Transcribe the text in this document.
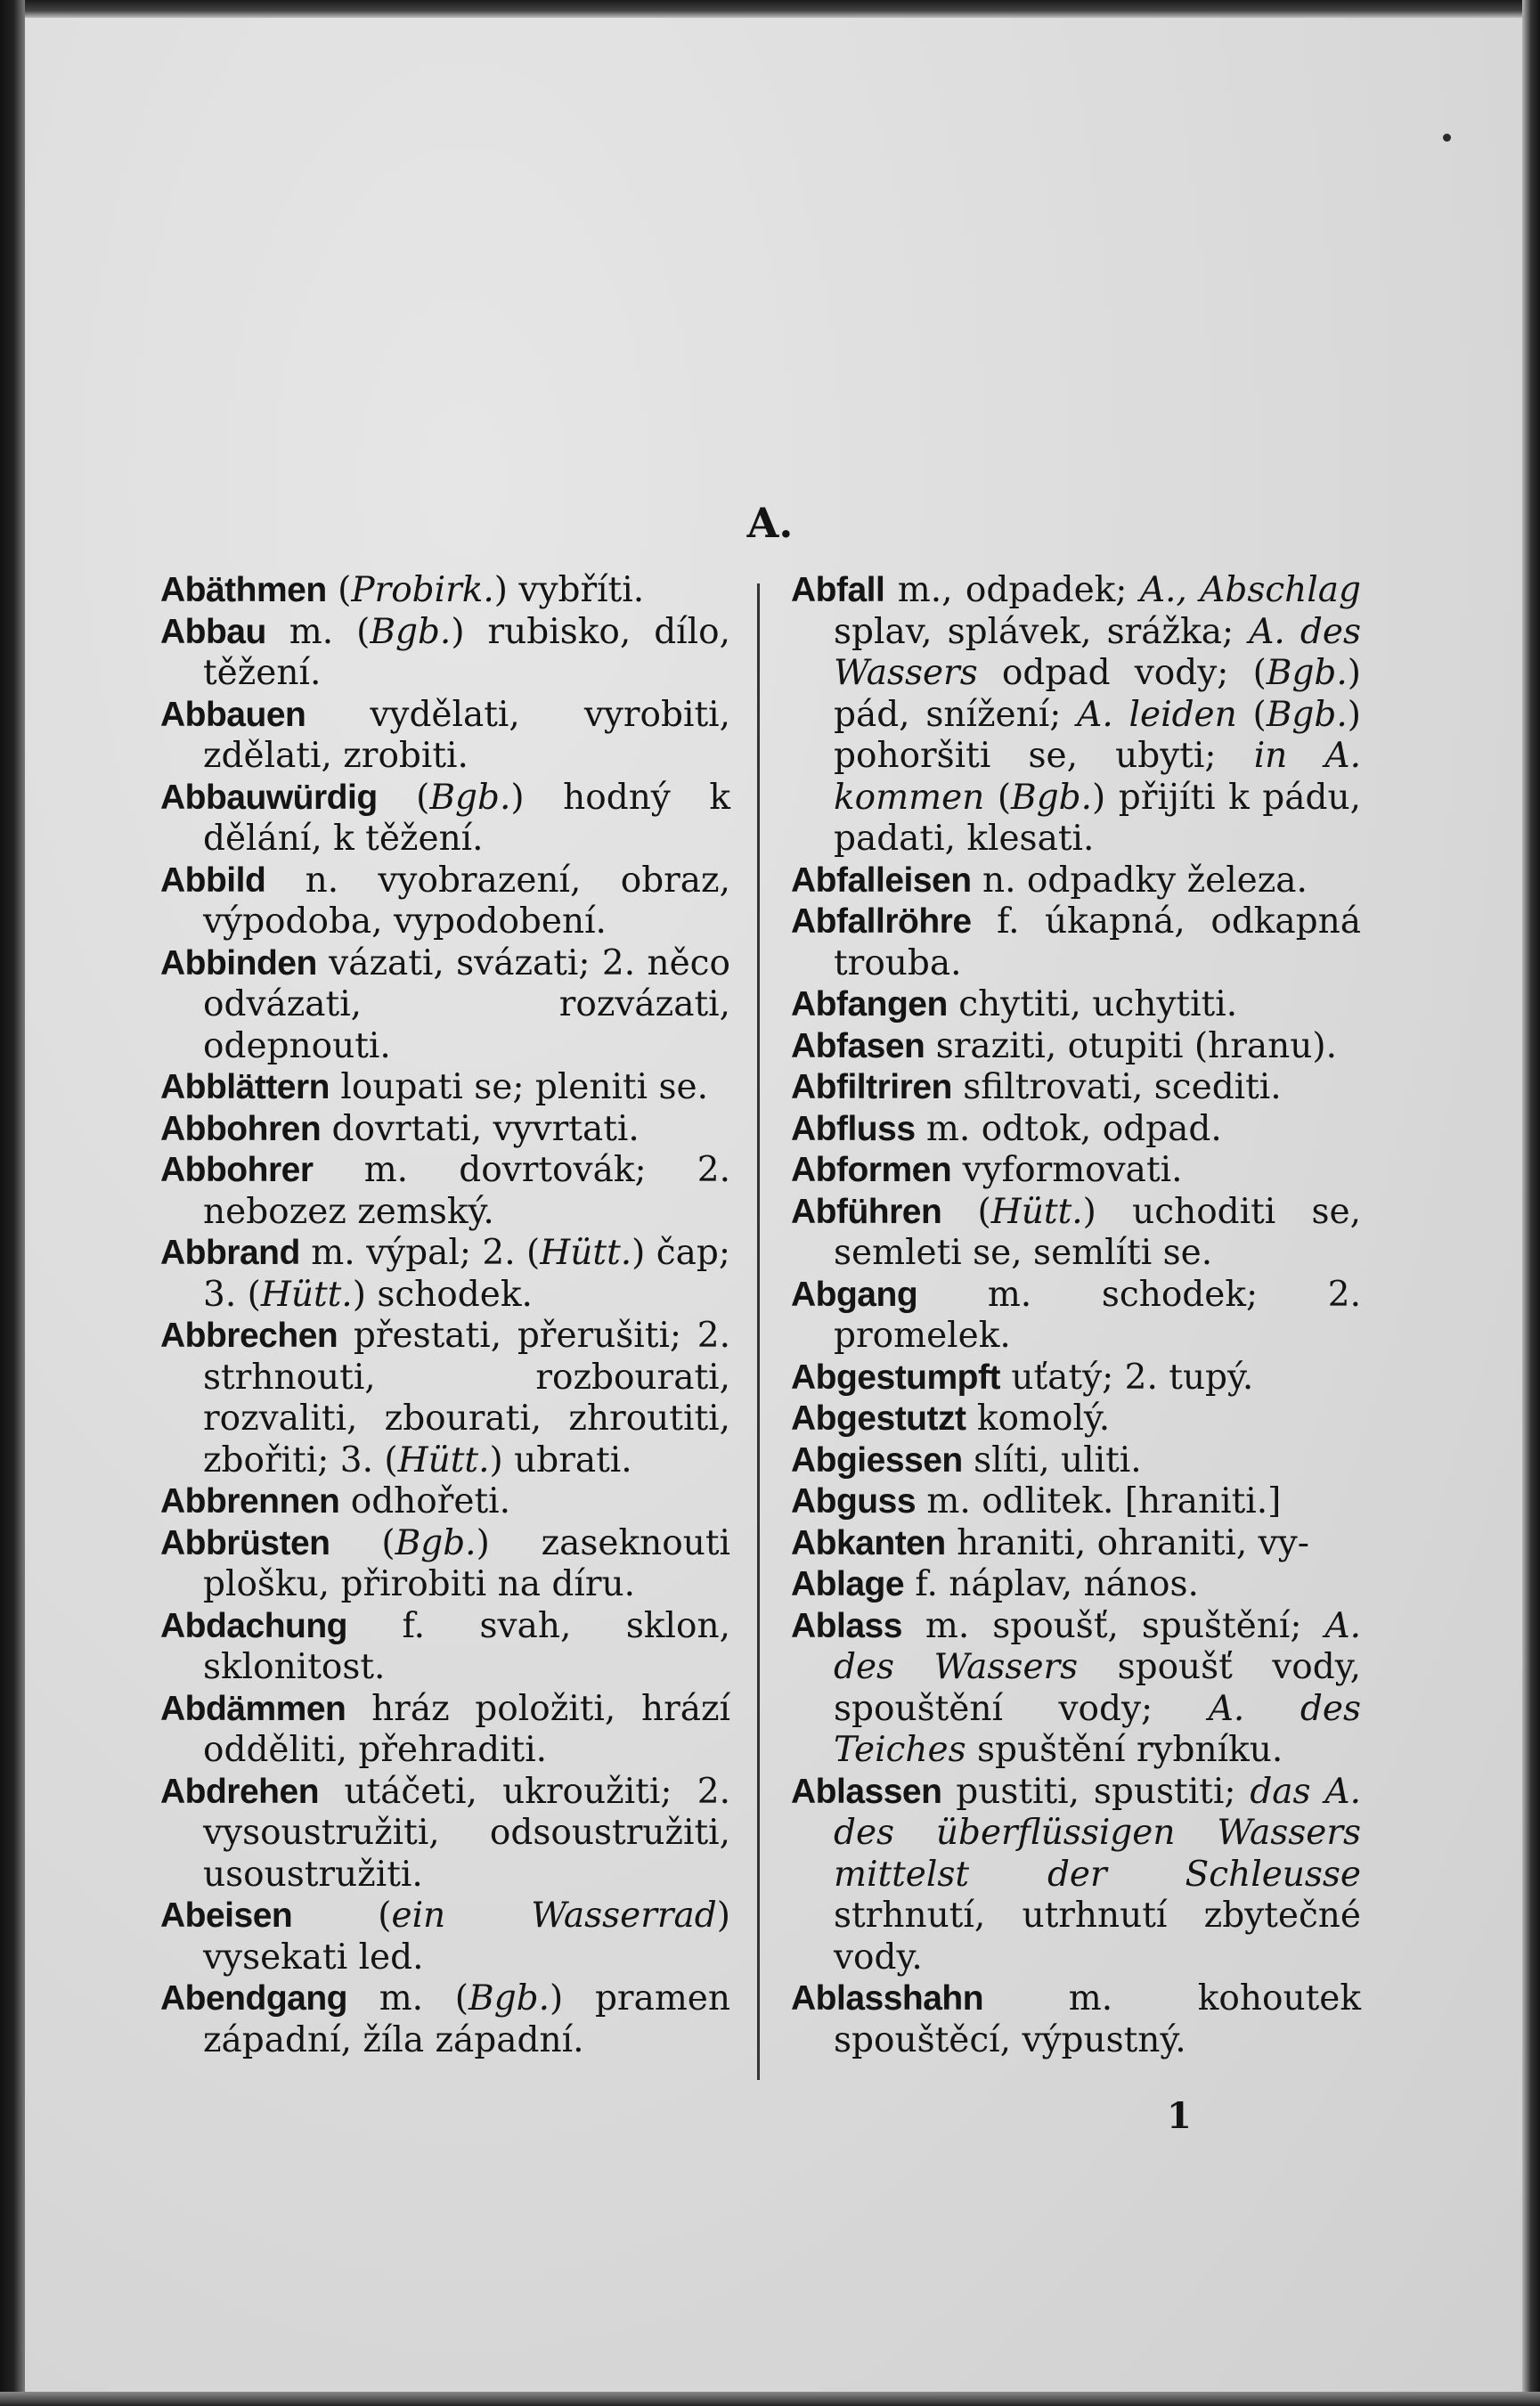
A.

Abäthmen (Probirk.) vybříti.

Abbau m. (Bgb.) rubisko, dílo, těžení.

Abbauen vydělati, vyrobiti, zdělati, zrobiti.

Abbauwürdig (Bgb.) hodný k dělání, k těžení.

Abbild n. vyobrazení, obraz, výpodoba, vypodobení.

Abbinden vázati, svázati; 2. něco odvázati, rozvázati, odepnouti.

Abblättern loupati se; pleniti se.

Abbohren dovrtati, vyvrtati.

Abbohrer m. dovrtovák; 2. nebozez zemský.

Abbrand m. výpal; 2. (Hütt.) čap; 3. (Hütt.) schodek.

Abbrechen přestati, přerušiti; 2. strhnouti, rozbourati, rozvaliti, zbourati, zhroutiti, zbořiti; 3. (Hütt.) ubrati.

Abbrennen odhořeti.

Abbrüsten (Bgb.) zaseknouti plošku, přirobiti na díru.

Abdachung f. svah, sklon, sklonitost.

Abdämmen hráz položiti, hrází odděliti, přehraditi.

Abdrehen utáčeti, ukroužiti; 2. vysoustružiti, odsoustružiti, usoustružiti.

Abeisen (ein Wasserrad) vysekati led.

Abendgang m. (Bgb.) pramen západní, žíla západní.

Abfall m., odpadek; A., Abschlag splav, splávek, srážka; A. des Wassers odpad vody; (Bgb.) pád, snížení; A. leiden (Bgb.) pohoršiti se, ubyti; in A. kommen (Bgb.) přijíti k pádu, padati, klesati.

Abfalleisen n. odpadky železa.

Abfallröhre f. úkapná, odkapná trouba.

Abfangen chytiti, uchytiti.

Abfasen sraziti, otupiti (hranu).

Abfiltriren sfiltrovati, scediti.

Abfluss m. odtok, odpad.

Abformen vyformovati.

Abführen (Hütt.) uchoditi se, semleti se, semlíti se.

Abgang m. schodek; 2. promelek.

Abgestumpft uťatý; 2. tupý.

Abgestutzt komolý.

Abgiessen slíti, uliti.

Abguss m. odlitek. [hraniti.]

Abkanten hraniti, ohraniti, vy-

Ablage f. náplav, nános.

Ablass m. spoušť, spuštění; A. des Wassers spoušť vody, spouštění vody; A. des Teiches spuštění rybníku.

Ablassen pustiti, spustiti; das A. des überflüssigen Wassers mittelst der Schleusse strhnutí, utrhnutí zbytečné vody.

Ablasshahn m. kohoutek spouštěcí, výpustný.

1
